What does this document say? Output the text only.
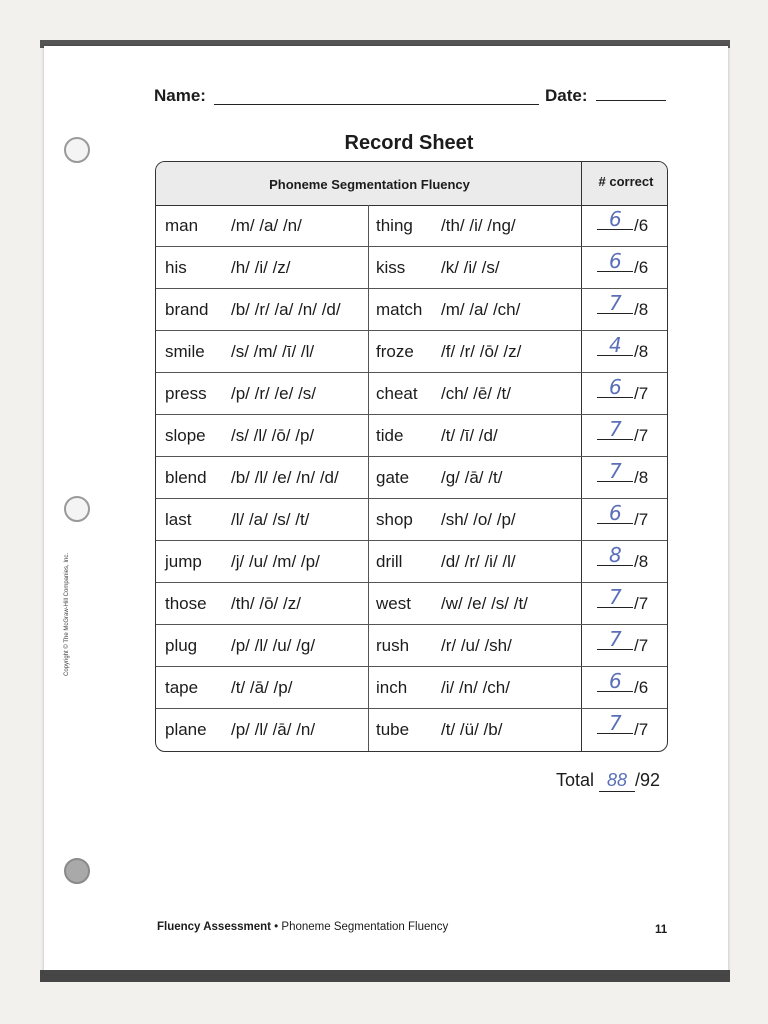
Name:	Date:
Record Sheet
Phoneme Segmentation Fluency	# correct
man /m/ /a/ /n/	thing /th/ /i/ /ng/	6 /6
his	/h/ /i/ /z/	kiss /k/ /i/ /s/	6 /6
brand /b/ /r/ /a/ /n/ /d/ match /m/ /a/ /ch/	7 /8
smile /s/ /m/ /ī/ /l/	froze /f/ /r/ /ō/ /z/	4 /8
press /p/ /r/ /e/ /s/	cheat /ch/ /ē/ /t/	6 /7
slope /s/ /l/ /ō/ /p/	tide /t/ /ī/ /d/	7 /7
blend /b/ /l/ /e/ /n/ /d/ gate /g/ /ā/ /t/	7 /8
last /l/ /a/ /s/ /t/	shop /sh/ /o/ /p/	6 /7
jump /j/ /u/ /m/ /p/	drill /d/ /r/ /i/ /l/	8 /8
those /th/ /ō/ /z/	west /w/ /e/ /s/ /t/	7 /7
plug /p/ /l/ /u/ /g/	rush /r/ /u/ /sh/	7 /7
tape /t/ /ā/ /p/	inch /i/ /n/ /ch/	6 /6
plane /p/ /l/ /ā/ /n/	tube /t/ /ü/ /b/	7 /7
Total 88 /92
Fluency Assessment • Phoneme Segmentation Fluency	11
Copyright © The McGraw-Hill Companies, Inc.
